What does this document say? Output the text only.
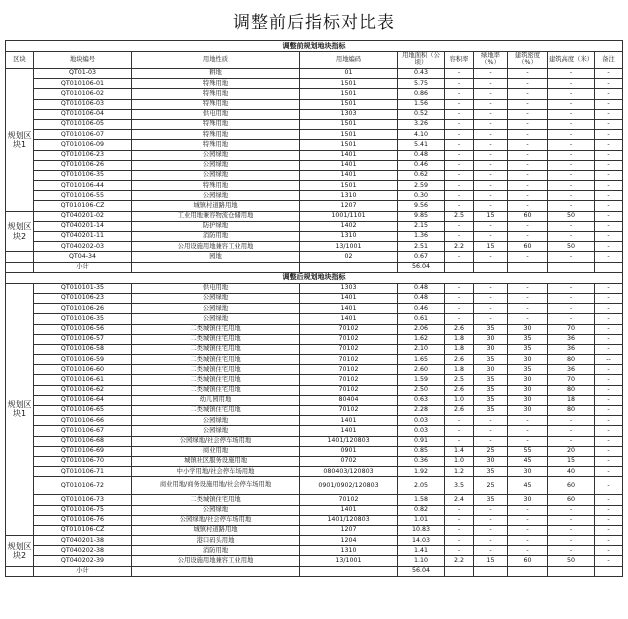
调整前后指标对比表
调整前规划地块指标									
区块	地块编号	用地性质	用地编码	用地面积（公顷）	容积率	绿地率（%）	建筑密度（%）	建筑高度（米）	备注
规划区块1	QT01-03	耕地	01	0.43	-	-	-	-	-
	QT010106-01	特殊用地	1501	5.75	-	-	-	-	-
	QT010106-02	特殊用地	1501	0.86	-	-	-	-	-
	QT010106-03	特殊用地	1501	1.56	-	-	-	-	-
	QT010106-04	供电用地	1303	0.52	-	-	-	-	-
	QT010106-05	特殊用地	1501	3.26	-	-	-	-	-
	QT010106-07	特殊用地	1501	4.10	-	-	-	-	-
	QT010106-09	特殊用地	1501	5.41	-	-	-	-	-
	QT010106-23	公园绿地	1401	0.48	-	-	-	-	-
	QT010106-26	公园绿地	1401	0.46	-	-	-	-	-
	QT010106-35	公园绿地	1401	0.62	-	-	-	-	-
	QT010106-44	特殊用地	1501	2.59	-	-	-	-	-
	QT010106-55	公园绿地	1310	0.30	-	-	-	-	-
	QT010106-CZ	城镇村道路用地	1207	9.56	-	-	-	-	-
规划区块2	QT040201-02	工业用地兼容物流仓储用地	1001/1101	9.85	2.5	15	60	50	-
	QT040201-14	防护绿地	1402	2.15	-	-	-	-	-
	QT040201-11	消防用地	1310	1.36	-	-	-	-	-
	QT040202-03	公用设施用地兼容工业用地	13/1001	2.51	2.2	15	60	50	-
	QT04-34	园地	02	0.67	-	-	-	-	-
	小计			56.04					
调整后规划地块指标									
规划区块1	QT010101-35	供电用地	1303	0.48	-	-	-	-	-
	QT010106-23	公园绿地	1401	0.48	-	-	-	-	-
	QT010106-26	公园绿地	1401	0.46	-	-	-	-	-
	QT010106-35	公园绿地	1401	0.61	-	-	-	-	-
	QT010106-56	二类城镇住宅用地	70102	2.06	2.6	35	30	70	-
	QT010106-57	二类城镇住宅用地	70102	1.62	1.8	30	35	36	-
	QT010106-58	二类城镇住宅用地	70102	2.10	1.8	30	35	36	-
	QT010106-59	二类城镇住宅用地	70102	1.65	2.6	35	30	80	--
	QT010106-60	二类城镇住宅用地	70102	2.60	1.8	30	35	36	-
	QT010106-61	二类城镇住宅用地	70102	1.59	2.5	35	30	70	-
	QT010106-62	二类城镇住宅用地	70102	2.50	2.6	35	30	80	-
	QT010106-64	幼儿园用地	80404	0.63	1.0	35	30	18	-
	QT010106-65	二类城镇住宅用地	70102	2.28	2.6	35	30	80	-
	QT010106-66	公园绿地	1401	0.03	-	-	-	-	-
	QT010106-67	公园绿地	1401	0.03	-	-	-	-	-
	QT010106-68	公园绿地/社会停车场用地	1401/120803	0.91	-	-	-	-	-
	QT010106-69	商业用地	0901	0.85	1.4	25	55	20	-
	QT010106-70	城镇社区服务设施用地	0702	0.36	1.0	30	45	15	-
	QT010106-71	中小学用地/社会停车场用地	080403/120803	1.92	1.2	35	30	40	-
	QT010106-72	商业用地/商务设施用地/社会停车场用地	0901/0902/120803	2.05	3.5	25	45	60	-
	QT010106-73	二类城镇住宅用地	70102	1.58	2.4	35	30	60	-
	QT010106-75	公园绿地	1401	0.82	-	-	-	-	-
	QT010106-76	公园绿地/社会停车场用地	1401/120803	1.01	-	-	-	-	-
	QT010106-CZ	城镇村道路用地	1207	10.83	-	-	-	-	-
规划区块2	QT040201-38	港口码头用地	1204	14.03	-	-	-	-	-
	QT040202-38	消防用地	1310	1.41	-	-	-	-	-
	QT040202-39	公用设施用地兼容工业用地	13/1001	1.10	2.2	15	60	50	-
	小计			56.04					
